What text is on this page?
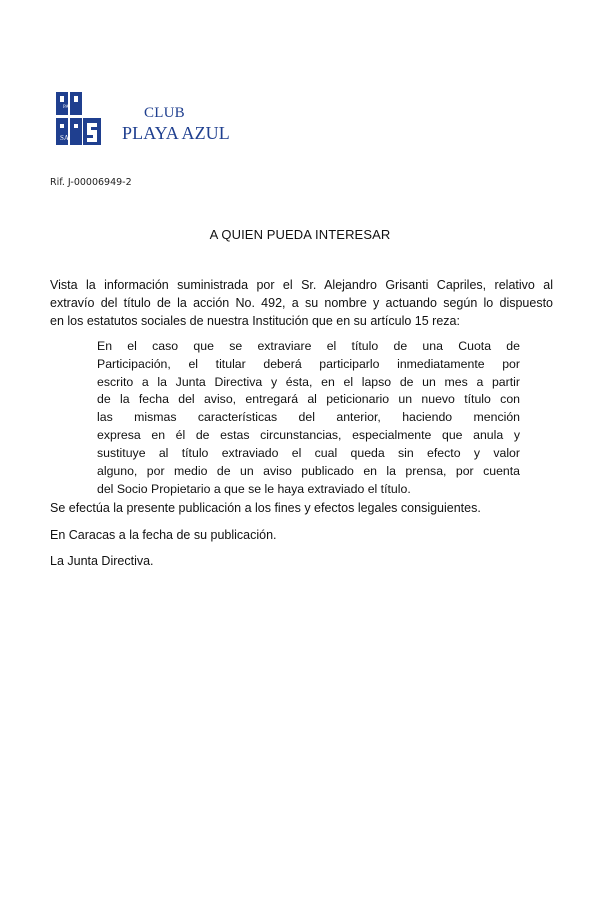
PA
SA
CLUB
PLAYA AZUL
Rif. J-00006949-2
A QUIEN PUEDA INTERESAR
Vista la información suministrada por el Sr. Alejandro Grisanti Capriles, relativo al
extravío del título de la acción No. 492, a su nombre y actuando según lo dispuesto
en los estatutos sociales de nuestra Institución que en su artículo 15 reza:
En el caso que se extraviare el título de una Cuota de
Participación, el titular deberá participarlo inmediatamente por
escrito a la Junta Directiva y ésta, en el lapso de un mes a partir
de la fecha del aviso, entregará al peticionario un nuevo título con
las mismas características del anterior, haciendo mención
expresa en él de estas circunstancias, especialmente que anula y
sustituye al título extraviado el cual queda sin efecto y valor
alguno, por medio de un aviso publicado en la prensa, por cuenta
del Socio Propietario a que se le haya extraviado el título.
Se efectúa la presente publicación a los fines y efectos legales consiguientes.
En Caracas a la fecha de su publicación.
La Junta Directiva.
